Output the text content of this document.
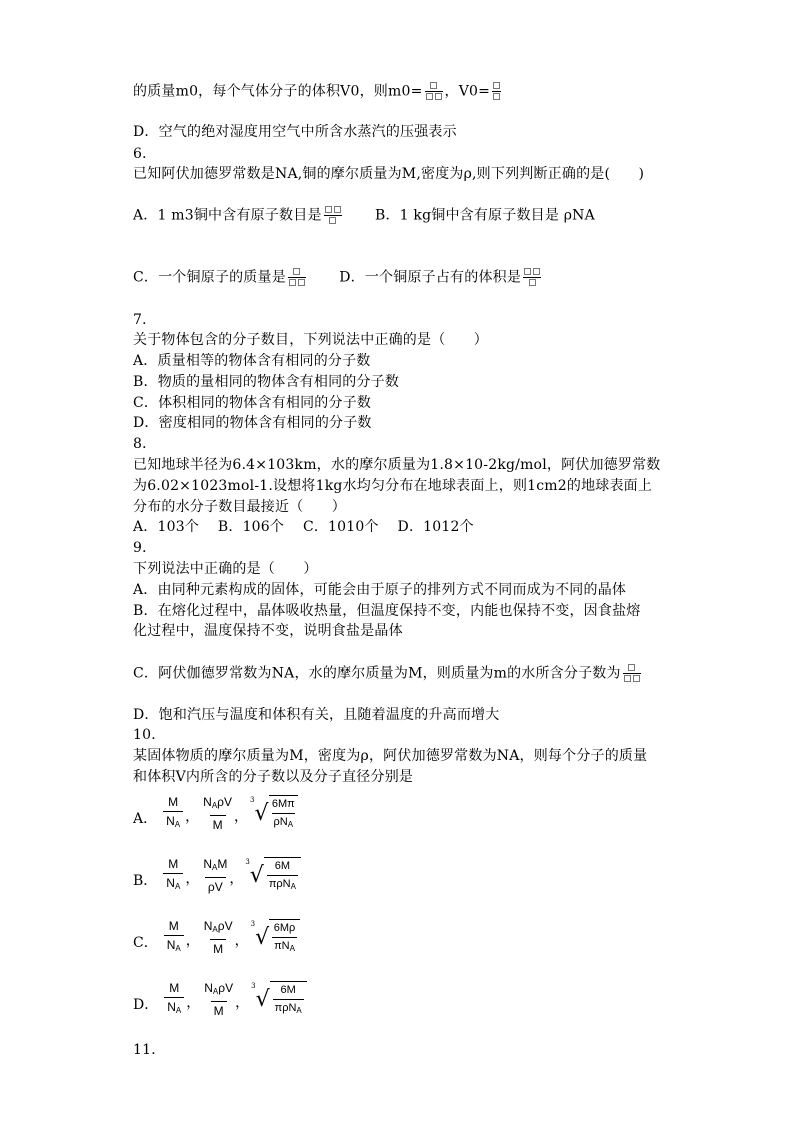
的质量m0，每个气体分子的体积V0，则m0= ，V0=
D．空气的绝对湿度用空气中所含水蒸汽的压强表示
6．
已知阿伏加德罗常数是NA,铜的摩尔质量为M,密度为ρ,则下列判断正确的是(　　)
A．1 m3铜中含有原子数目是	B．1 kg铜中含有原子数目是 ρNA
C．一个铜原子的质量是	D．一个铜原子占有的体积是
7．
关于物体包含的分子数目，下列说法中正确的是（　　）
A．质量相等的物体含有相同的分子数
B．物质的量相同的物体含有相同的分子数
C．体积相同的物体含有相同的分子数
D．密度相同的物体含有相同的分子数
8．
已知地球半径为6.4×103km，水的摩尔质量为1.8×10-2kg/mol，阿伏加德罗常数
为6.02×1023mol-1.设想将1kg水均匀分布在地球表面上，则1cm2的地球表面上
分布的水分子数目最接近（　　）
A．103个　 B．106个　 C．1010个　 D．1012个
9．
下列说法中正确的是（　　）
A．由同种元素构成的固体，可能会由于原子的排列方式不同而成为不同的晶体
B．在熔化过程中，晶体吸收热量，但温度保持不变，内能也保持不变，因食盐熔
化过程中，温度保持不变，说明食盐是晶体
C．阿伏伽德罗常数为NA，水的摩尔质量为M，则质量为m的水所含分子数为
D．饱和汽压与温度和体积有关，且随着温度的升高而增大
10．
某固体物质的摩尔质量为M，密度为ρ，阿伏加德罗常数为NA，则每个分子的质量
和体积V内所含的分子数以及分子直径分别是
A．
M
$N_A$ ，
$N_A\rho V$
M ，
3
√ 6Mπ
$\rho N_A$
B．
M
$N_A$ ，
$N_AM$
ρV ，
3
√ 6M
πρN$_A$
C．
M
$N_A$ ，
$N_A\rho V$
M ，
3
√ 6Mρ
$\pi N_A$
D．
M
$N_A$ ，
$N_A\rho V$
M ，
3
√ 6M
πρN$_A$
11．
